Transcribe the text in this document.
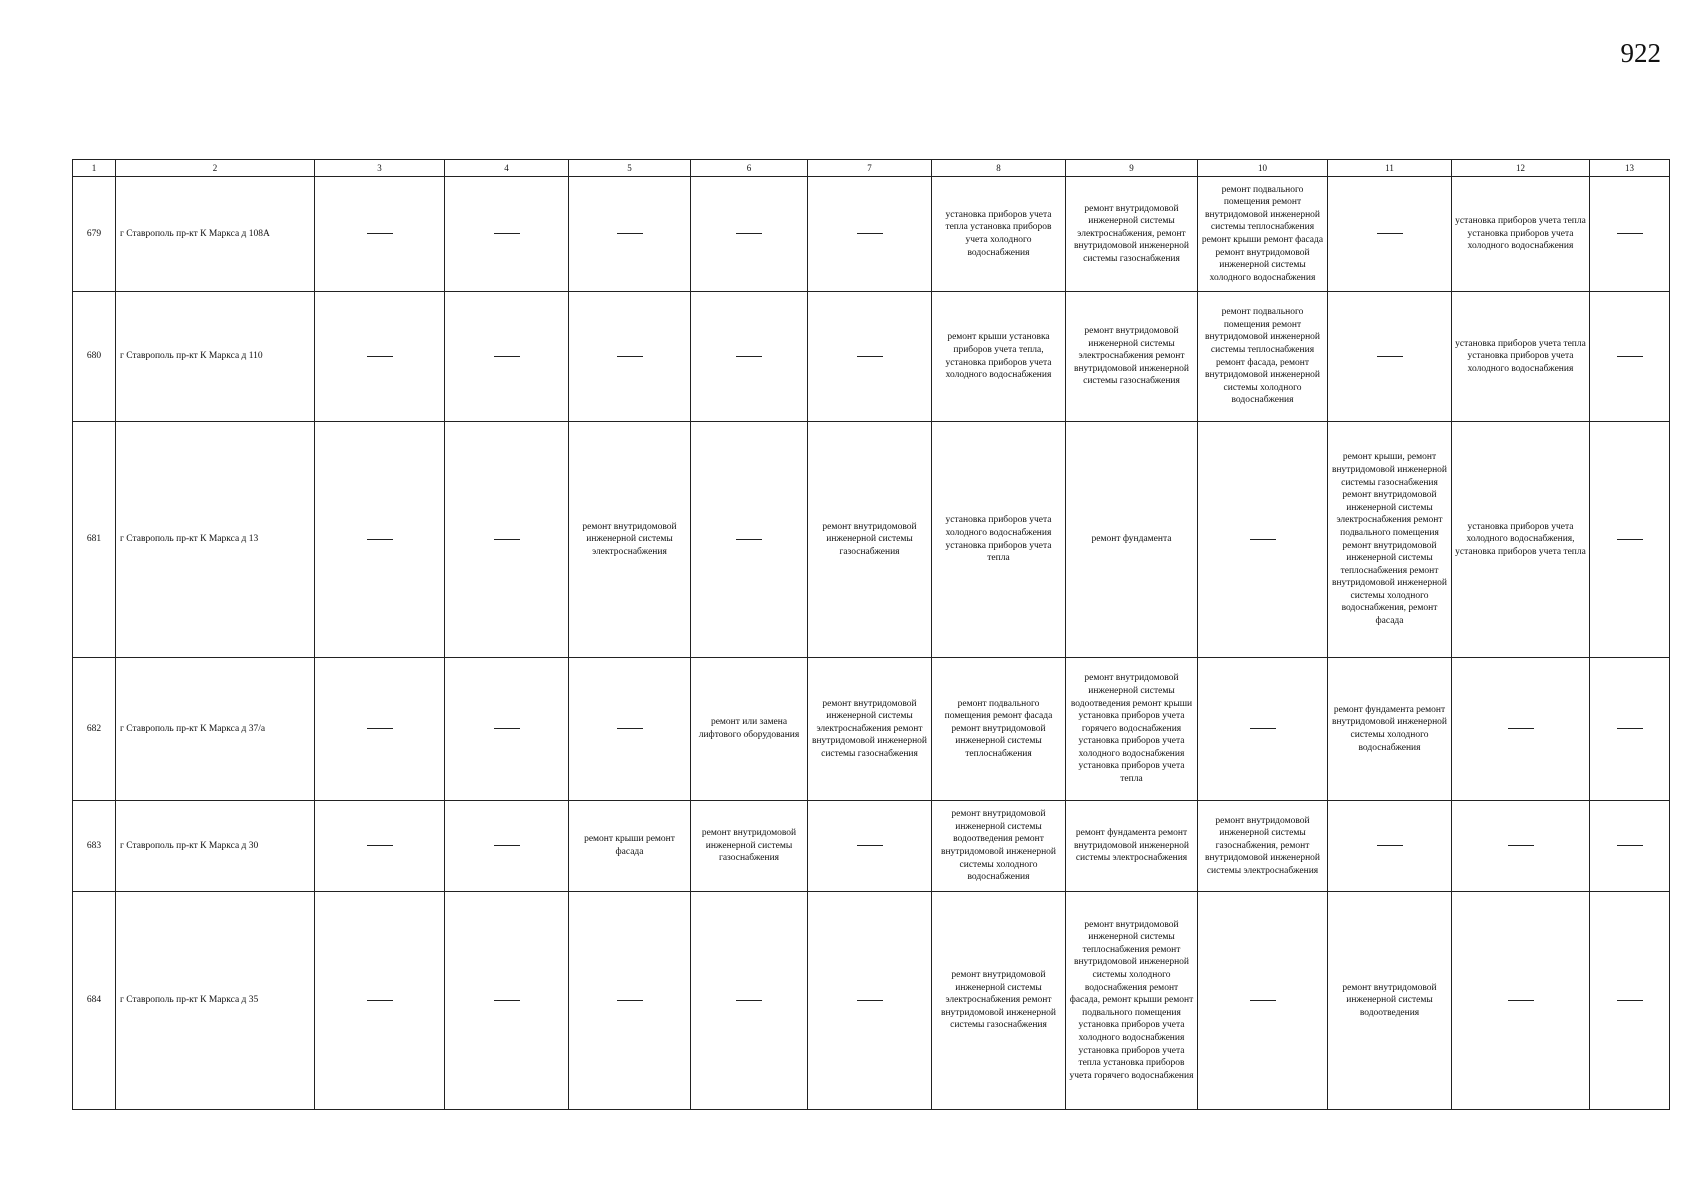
922
1	2	3	4	5	6	7	8	9	10	11	12	13
679	г Ставрополь пр-кт К Маркса д 108А						установка приборов учета тепла установка приборов учета холодного водоснабжения	ремонт внутридомовой инженерной системы электроснабжения, ремонт внутридомовой инженерной системы газоснабжения	ремонт подвального помещения ремонт внутридомовой инженерной системы теплоснабжения ремонт крыши ремонт фасада ремонт внутридомовой инженерной системы холодного водоснабжения		установка приборов учета тепла установка приборов учета холодного водоснабжения	

680	г Ставрополь пр-кт К Маркса д 110						ремонт крыши установка приборов учета тепла, установка приборов учета холодного водоснабжения	ремонт внутридомовой инженерной системы электроснабжения ремонт внутридомовой инженерной системы газоснабжения	ремонт подвального помещения ремонт внутридомовой инженерной системы теплоснабжения ремонт фасада, ремонт внутридомовой инженерной системы холодного водоснабжения		установка приборов учета тепла установка приборов учета холодного водоснабжения	

681	г Ставрополь пр-кт К Маркса д 13			ремонт внутридомовой инженерной системы электроснабжения		ремонт внутридомовой инженерной системы газоснабжения	установка приборов учета холодного водоснабжения установка приборов учета тепла	ремонт фундамента		ремонт крыши, ремонт внутридомовой инженерной системы газоснабжения ремонт внутридомовой инженерной системы электроснабжения ремонт подвального помещения ремонт внутридомовой инженерной системы теплоснабжения ремонт внутридомовой инженерной системы холодного водоснабжения, ремонт фасада	установка приборов учета холодного водоснабжения, установка приборов учета тепла	

682	г Ставрополь пр-кт К Маркса д 37/а				ремонт или замена лифтового оборудования	ремонт внутридомовой инженерной системы электроснабжения ремонт внутридомовой инженерной системы газоснабжения	ремонт подвального помещения ремонт фасада ремонт внутридомовой инженерной системы теплоснабжения	ремонт внутридомовой инженерной системы водоотведения ремонт крыши установка приборов учета горячего водоснабжения установка приборов учета холодного водоснабжения установка приборов учета тепла		ремонт фундамента ремонт внутридомовой инженерной системы холодного водоснабжения		

683	г Ставрополь пр-кт К Маркса д 30			ремонт крыши ремонт фасада	ремонт внутридомовой инженерной системы газоснабжения		ремонт внутридомовой инженерной системы водоотведения ремонт внутридомовой инженерной системы холодного водоснабжения	ремонт фундамента ремонт внутридомовой инженерной системы электроснабжения	ремонт внутридомовой инженерной системы газоснабжения, ремонт внутридомовой инженерной системы электроснабжения			

684	г Ставрополь пр-кт К Маркса д 35						ремонт внутридомовой инженерной системы электроснабжения ремонт внутридомовой инженерной системы газоснабжения	ремонт внутридомовой инженерной системы теплоснабжения ремонт внутридомовой инженерной системы холодного водоснабжения ремонт фасада, ремонт крыши ремонт подвального помещения установка приборов учета холодного водоснабжения установка приборов учета тепла установка приборов учета горячего водоснабжения		ремонт внутридомовой инженерной системы водоотведения		
